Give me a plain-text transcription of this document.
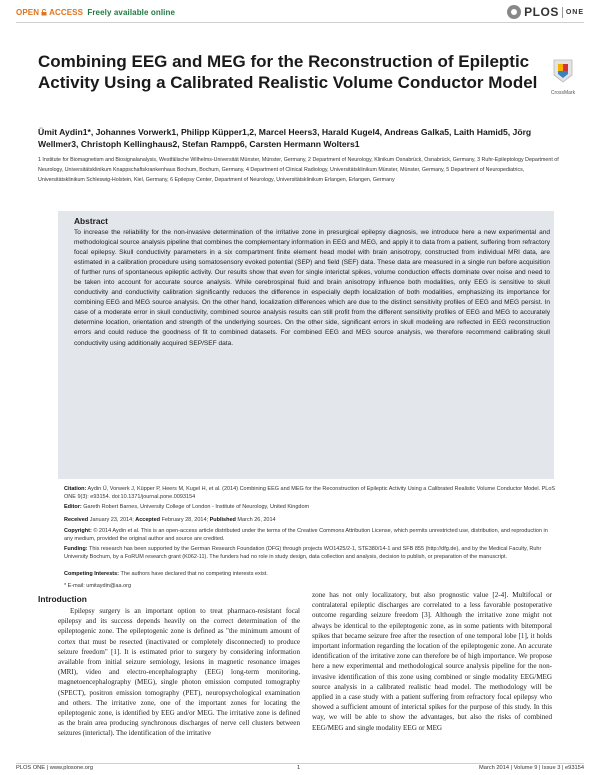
OPEN ACCESS Freely available online	PLOS ONE
Combining EEG and MEG for the Reconstruction of Epileptic Activity Using a Calibrated Realistic Volume Conductor Model
CrossMark
Ümit Aydin1*, Johannes Vorwerk1, Philipp Küpper1,2, Marcel Heers3, Harald Kugel4, Andreas Galka5, Laith Hamid5, Jörg Wellmer3, Christoph Kellinghaus2, Stefan Rampp6, Carsten Hermann Wolters1
1 Institute for Biomagnetism and Biosignalanalysis, Westfälische Wilhelms-Universität Münster, Münster, Germany, 2 Department of Neurology, Klinikum Osnabrück, Osnabrück, Germany, 3 Ruhr-Epileptology Department of Neurology, Universitätsklinikum Knappschaftskrankenhaus Bochum, Bochum, Germany, 4 Department of Clinical Radiology, Universitätsklinikum Münster, Münster, Germany, 5 Department of Neuropediatrics, Universitätsklinikum Schleswig-Holstein, Kiel, Germany, 6 Epilepsy Center, Department of Neurology, Universitätsklinikum Erlangen, Erlangen, Germany
Abstract
To increase the reliability for the non-invasive determination of the irritative zone in presurgical epilepsy diagnosis, we introduce here a new experimental and methodological source analysis pipeline that combines the complementary information in EEG and MEG, and apply it to data from a patient, suffering from refractory focal epilepsy. Skull conductivity parameters in a six compartment finite element head model with brain anisotropy, constructed from individual MRI data, are estimated in a calibration procedure using somatosensory evoked potential (SEP) and field (SEF) data. These data are measured in a single run before acquisition of further runs of spontaneous epileptic activity. Our results show that even for single interictal spikes, volume conduction effects dominate over noise and need to be taken into account for accurate source analysis. While cerebrospinal fluid and brain anisotropy influence both modalities, only EEG is sensitive to skull conductivity and conductivity calibration significantly reduces the difference in especially depth localization of both modalities, emphasizing its importance for combining EEG and MEG source analysis. On the other hand, localization differences which are due to the distinct sensitivity profiles of EEG and MEG persist. In case of a moderate error in skull conductivity, combined source analysis results can still profit from the different sensitivity profiles of EEG and MEG to accurately determine location, orientation and strength of the underlying sources. On the other side, significant errors in skull modeling are reflected in EEG reconstruction errors and could reduce the goodness of fit to combined datasets. For combined EEG and MEG source analysis, we therefore recommend calibrating skull conductivity using additionally acquired SEP/SEF data.
Citation: Aydin Ü, Vorwerk J, Küpper P, Heers M, Kugel H, et al. (2014) Combining EEG and MEG for the Reconstruction of Epileptic Activity Using a Calibrated Realistic Volume Conductor Model. PLoS ONE 9(3): e93154. doi:10.1371/journal.pone.0093154
Editor: Gareth Robert Barnes, University College of London - Institute of Neurology, United Kingdom
Received January 23, 2014; Accepted February 28, 2014; Published March 26, 2014
Copyright: © 2014 Aydin et al. This is an open-access article distributed under the terms of the Creative Commons Attribution License, which permits unrestricted use, distribution, and reproduction in any medium, provided the original author and source are credited.
Funding: This research has been supported by the German Research Foundation (DFG) through projects WO1425/2-1, STE380/14-1 and SFB 855 (http://dfg.de), and by the Medical Faculty, Ruhr University Bochum, by a FoRUM research grant (K062-11). The funders had no role in study design, data collection and analysis, decision to publish, or preparation of the manuscript.
Competing Interests: The authors have declared that no competing interests exist.
* E-mail: umitaydin@aa.org
Introduction
Epilepsy surgery is an important option to treat pharmaco-resistant focal epilepsy and its success depends heavily on the correct determination of the epileptogenic zone. The epileptogenic zone is defined as "the minimum amount of cortex that must be resected (inactivated or completely disconnected) to produce seizure freedom" [1]. It is estimated prior to surgery by considering information available from initial seizure semiology, lesions in magnetic resonance images (MRI), video and electro-encephalography (EEG) long-term monitoring, magnetoencephalography (MEG), single photon emission computed tomography (SPECT), positron emission tomography (PET), neuropsychological examination and others. The irritative zone, one of the important zones for locating the epileptogenic zone, is identified by EEG and/or MEG. The irritative zone is defined as the brain area producing synchronous discharges of nerve cell clusters between seizures (interictal). The identification of the irritative
zone has not only localizatory, but also prognostic value [2-4]. Multifocal or contralateral epileptic discharges are correlated to a less favorable postoperative outcome regarding seizure freedom [3]. Although the irritative zone might not always be identical to the epileptogenic zone, as in some patients with bitemporal spikes that became seizure free after the resection of one temporal lobe [1], it holds important information regarding the location of the epileptogenic zone. An accurate identification of the irritative zone can therefore be of high importance. We propose here a new experimental and methodological source analysis pipeline for the non-invasive identification of this zone using combined or single modality EEG/MEG source analysis in a calibrated realistic head model. The methodology will be applied in a case study with a patient suffering from refractory focal epilepsy who showed a sufficient amount of interictal spikes for the purpose of this study. In this way, we will be able to show the advantages, but also the risks of combined EEG/MEG and single modality EEG or MEG
PLOS ONE | www.plosone.org	1	March 2014 | Volume 9 | Issue 3 | e93154
